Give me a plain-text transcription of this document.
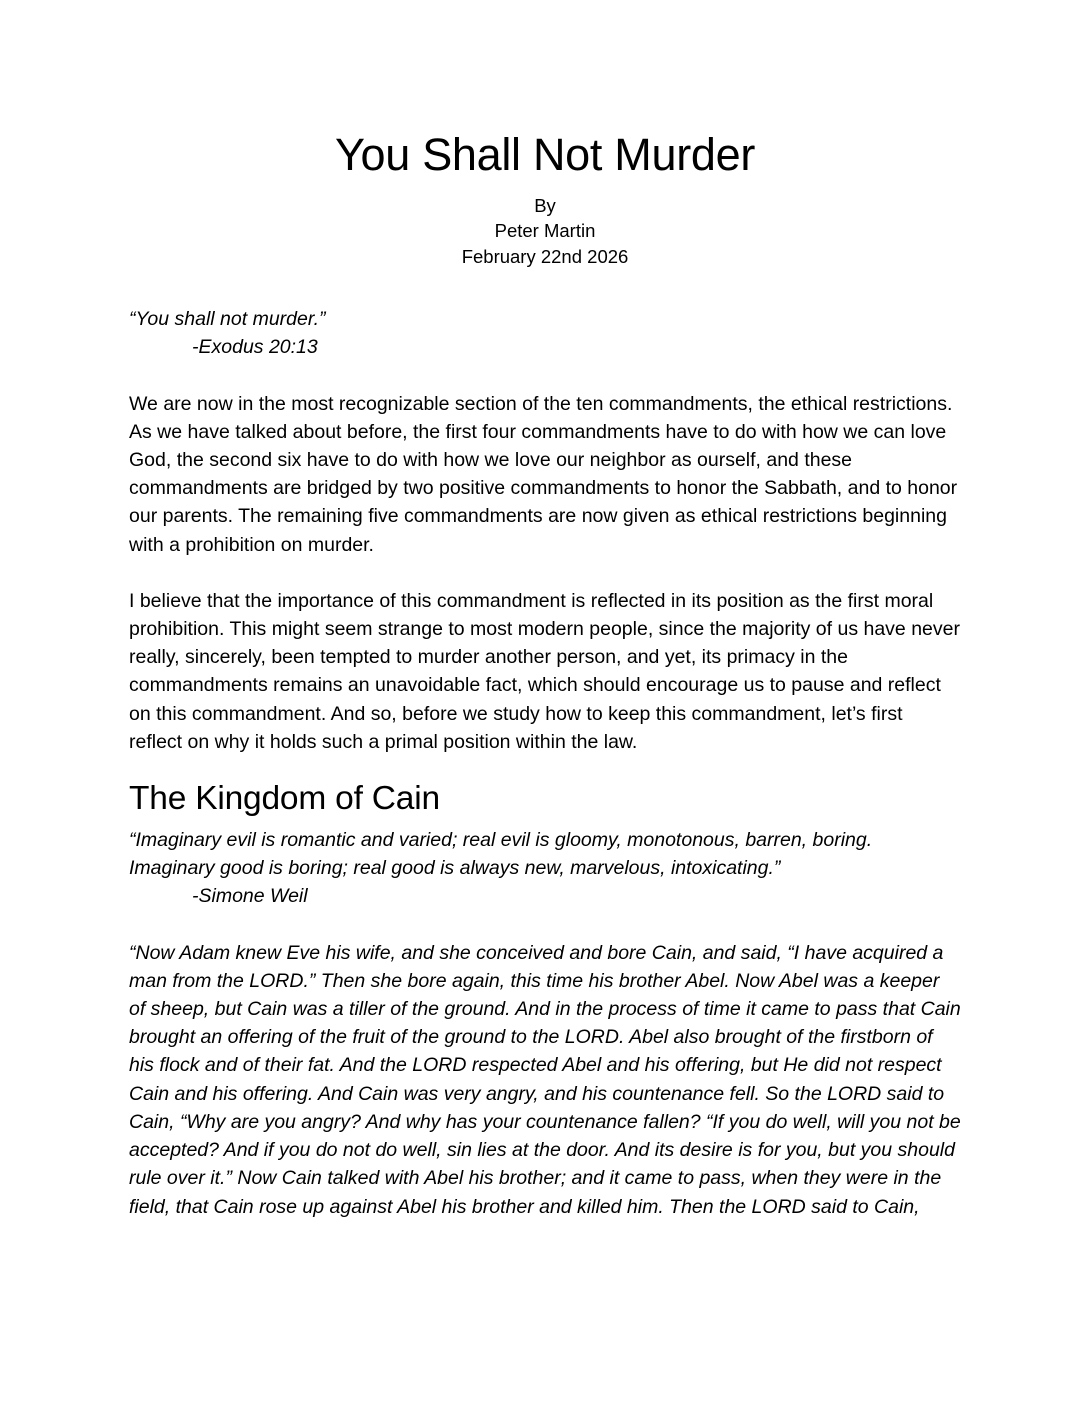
You Shall Not Murder
By
Peter Martin
February 22nd 2026
“You shall not murder.”
-Exodus 20:13

We are now in the most recognizable section of the ten commandments, the ethical restrictions. As we have talked about before, the first four commandments have to do with how we can love God, the second six have to do with how we love our neighbor as ourself, and these commandments are bridged by two positive commandments to honor the Sabbath, and to honor our parents. The remaining five commandments are now given as ethical restrictions beginning with a prohibition on murder.

I believe that the importance of this commandment is reflected in its position as the first moral prohibition. This might seem strange to most modern people, since the majority of us have never really, sincerely, been tempted to murder another person, and yet, its primacy in the commandments remains an unavoidable fact, which should encourage us to pause and reflect on this commandment. And so, before we study how to keep this commandment, let’s first reflect on why it holds such a primal position within the law.

The Kingdom of Cain
“Imaginary evil is romantic and varied; real evil is gloomy, monotonous, barren, boring. Imaginary good is boring; real good is always new, marvelous, intoxicating.”
-Simone Weil

“Now Adam knew Eve his wife, and she conceived and bore Cain, and said, “I have acquired a man from the LORD.” Then she bore again, this time his brother Abel. Now Abel was a keeper of sheep, but Cain was a tiller of the ground. And in the process of time it came to pass that Cain brought an offering of the fruit of the ground to the LORD. Abel also brought of the firstborn of his flock and of their fat. And the LORD respected Abel and his offering, but He did not respect Cain and his offering. And Cain was very angry, and his countenance fell. So the LORD said to Cain, “Why are you angry? And why has your countenance fallen? “If you do well, will you not be accepted? And if you do not do well, sin lies at the door. And its desire is for you, but you should rule over it.” Now Cain talked with Abel his brother; and it came to pass, when they were in the field, that Cain rose up against Abel his brother and killed him. Then the LORD said to Cain,
